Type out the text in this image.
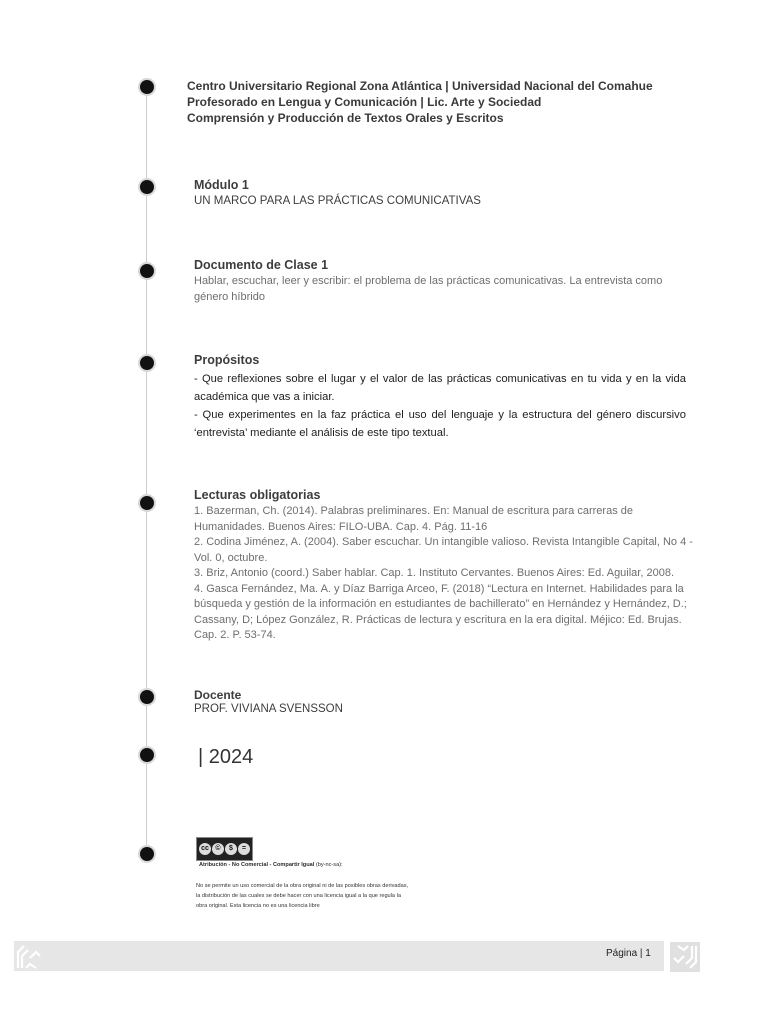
Centro Universitario Regional Zona Atlántica | Universidad Nacional del Comahue
Profesorado en Lengua y Comunicación | Lic. Arte y Sociedad
Comprensión y Producción de Textos Orales y Escritos
Módulo 1
UN MARCO PARA LAS PRÁCTICAS COMUNICATIVAS
Documento de Clase 1
Hablar, escuchar, leer y escribir: el problema de las prácticas comunicativas. La entrevista como género híbrido
Propósitos
- Que reflexiones sobre el lugar y el valor de las prácticas comunicativas en tu vida y en la vida académica que vas a iniciar.
- Que experimentes en la faz práctica el uso del lenguaje y la estructura del género discursivo ‘entrevista’ mediante el análisis de este tipo textual.
Lecturas obligatorias
1. Bazerman, Ch. (2014). Palabras preliminares. En: Manual de escritura para carreras de Humanidades. Buenos Aires: FILO-UBA. Cap. 4. Pág. 11-16
2. Codina Jiménez, A. (2004). Saber escuchar. Un intangible valioso. Revista Intangible Capital, No 4 - Vol. 0, octubre.
3. Briz, Antonio (coord.) Saber hablar. Cap. 1. Instituto Cervantes. Buenos Aires: Ed. Aguilar, 2008.
4. Gasca Fernández, Ma. A. y Díaz Barriga Arceo, F. (2018) “Lectura en Internet. Habilidades para la búsqueda y gestión de la información en estudiantes de bachillerato” en Hernández y Hernández, D.; Cassany, D; López González, R. Prácticas de lectura y escritura en la era digital. Méjico: Ed. Brujas. Cap. 2. P. 53-74.
Docente
PROF. VIVIANA SVENSSON
| 2024
cc ©	$	=
Atribución - No Comercial - Compartir Igual (by-nc-sa):
No se permite un uso comercial de la obra original ni de las posibles obras derivadas, la distribución de las cuales se debe hacer con una licencia igual a la que regula la obra original. Esta licencia no es una licencia libre
Página | 1
